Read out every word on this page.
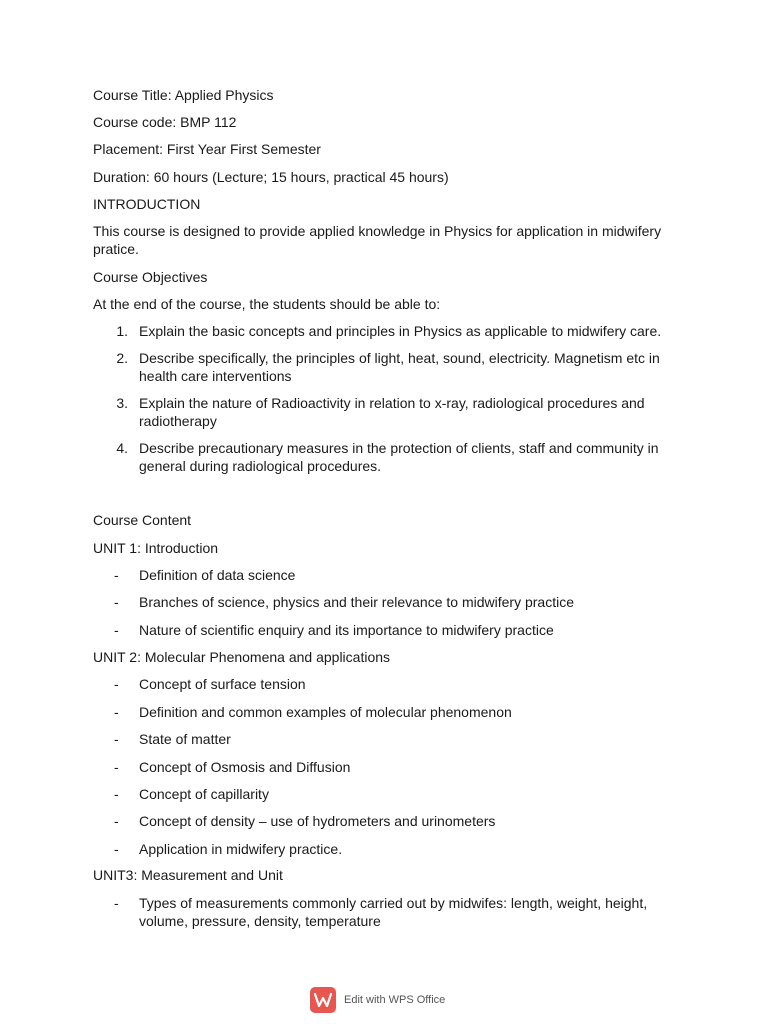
Course Title: Applied Physics
Course code: BMP 112
Placement: First Year First Semester
Duration: 60 hours (Lecture; 15 hours, practical 45 hours)
INTRODUCTION
This course is designed to provide applied knowledge in Physics for application in midwifery pratice.
Course Objectives
At the end of the course, the students should be able to:
1. Explain the basic concepts and principles in Physics as applicable to midwifery care.
2. Describe specifically, the principles of light, heat, sound, electricity. Magnetism etc in health care interventions
3. Explain the nature of Radioactivity in relation to x-ray, radiological procedures and radiotherapy
4. Describe precautionary measures in the protection of clients, staff and community in general during radiological procedures.
Course Content
UNIT 1: Introduction
-	Definition of data science
-	Branches of science, physics and their relevance to midwifery practice
-	Nature of scientific enquiry and its importance to midwifery practice
UNIT 2: Molecular Phenomena and applications
-	Concept of surface tension
-	Definition and common examples of molecular phenomenon
-	State of matter
-	Concept of Osmosis and Diffusion
-	Concept of capillarity
-	Concept of density – use of hydrometers and urinometers
-	Application in midwifery practice.
UNIT3: Measurement and Unit
-	Types of measurements commonly carried out by midwifes: length, weight, height, volume, pressure, density, temperature
Edit with WPS Office
